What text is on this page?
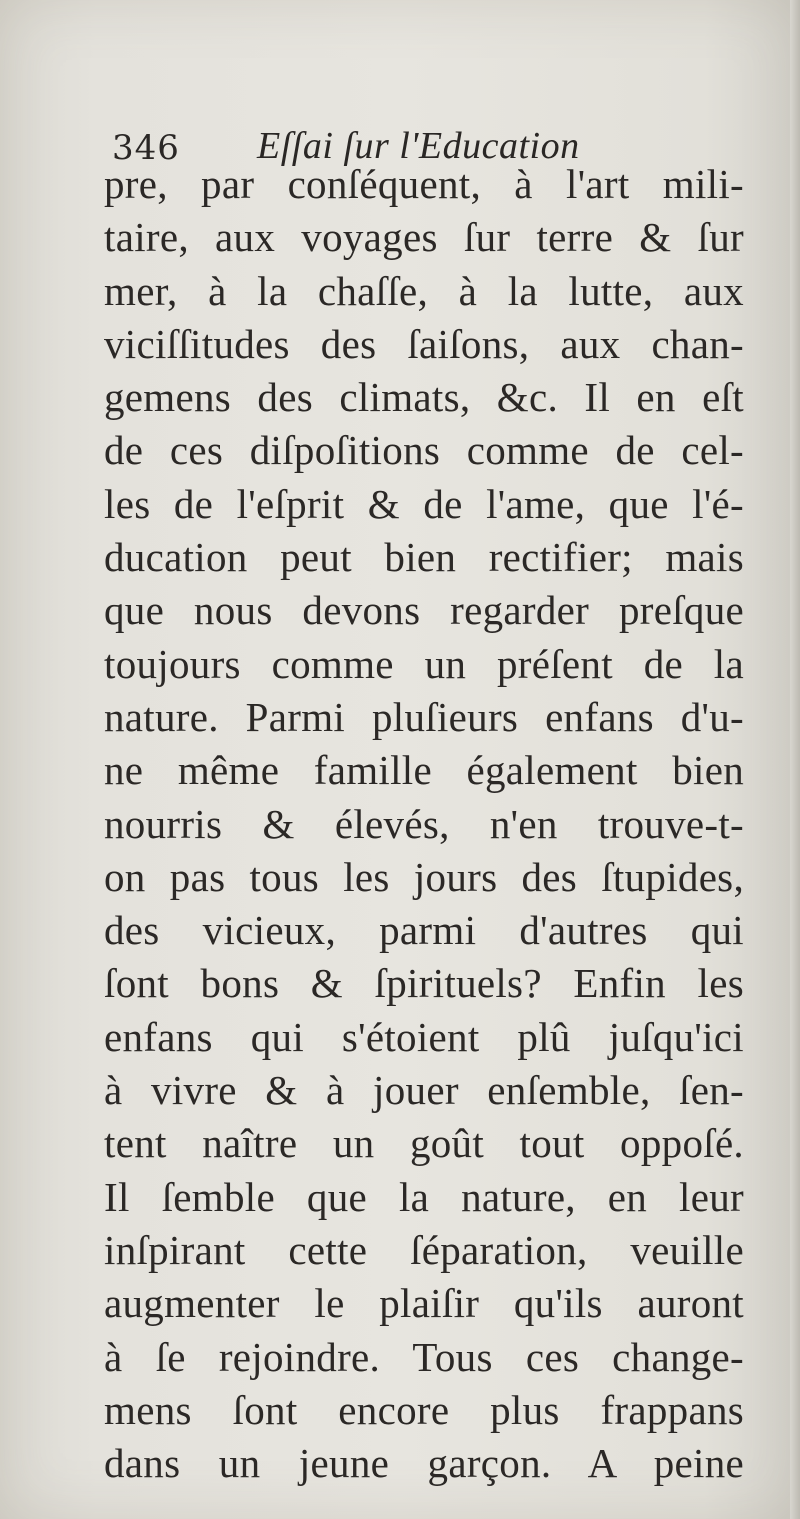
346 Eſſai ſur l'Education
pre, par conſéquent, à l'art mili-
taire, aux voyages ſur terre & ſur
mer, à la chaſſe, à la lutte, aux
viciſſitudes des ſaiſons, aux chan-
gemens des climats, &c. Il en eſt
de ces diſpoſitions comme de cel-
les de l'eſprit & de l'ame, que l'é-
ducation peut bien rectifier; mais
que nous devons regarder preſque
toujours comme un préſent de la
nature. Parmi pluſieurs enfans d'u-
ne même famille également bien
nourris & élevés, n'en trouve-t-
on pas tous les jours des ſtupides,
des vicieux, parmi d'autres qui
ſont bons & ſpirituels? Enfin les
enfans qui s'étoient plû juſqu'ici
à vivre & à jouer enſemble, ſen-
tent naître un goût tout oppoſé.
Il ſemble que la nature, en leur
inſpirant cette ſéparation, veuille
augmenter le plaiſir qu'ils auront
à ſe rejoindre. Tous ces change-
mens ſont encore plus frappans
dans un jeune garçon. A peine
